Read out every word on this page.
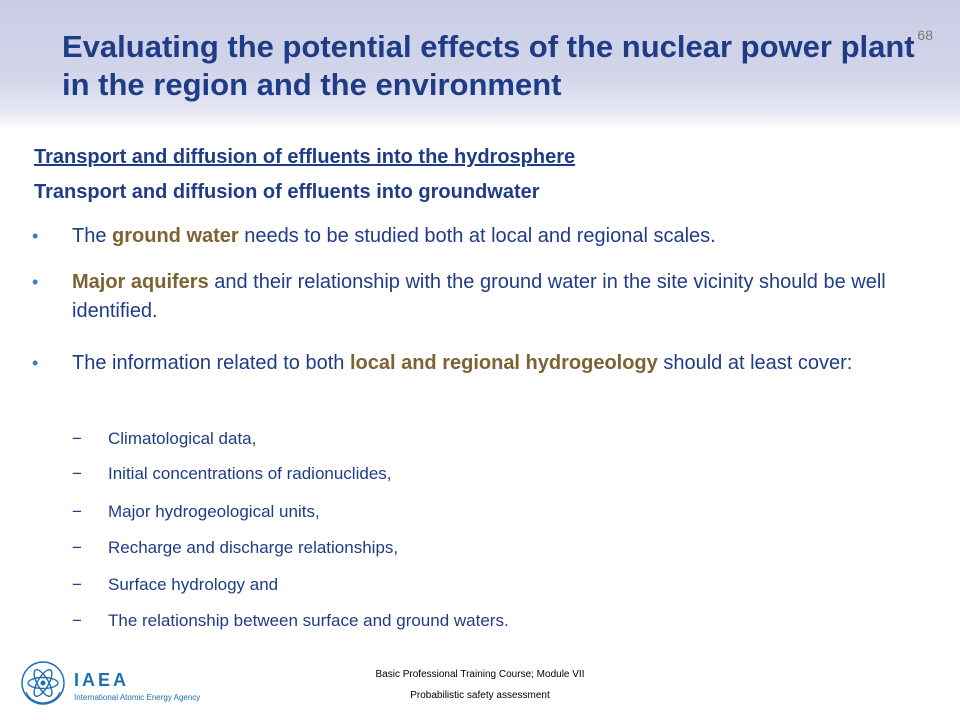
Evaluating the potential effects of the nuclear power plant in the region and the environment
68
Transport and diffusion of effluents into the hydrosphere
Transport and diffusion of effluents into groundwater
• The ground water needs to be studied both at local and regional scales.
• Major aquifers and their relationship with the ground water in the site vicinity should be well identified.
• The information related to both local and regional hydrogeology should at least cover:
− Climatological data,
− Initial concentrations of radionuclides,
− Major hydrogeological units,
− Recharge and discharge relationships,
− Surface hydrology and
− The relationship between surface and ground waters.
IAEA
International Atomic Energy Agency
Basic Professional Training Course; Module VII
Probabilistic safety assessment
